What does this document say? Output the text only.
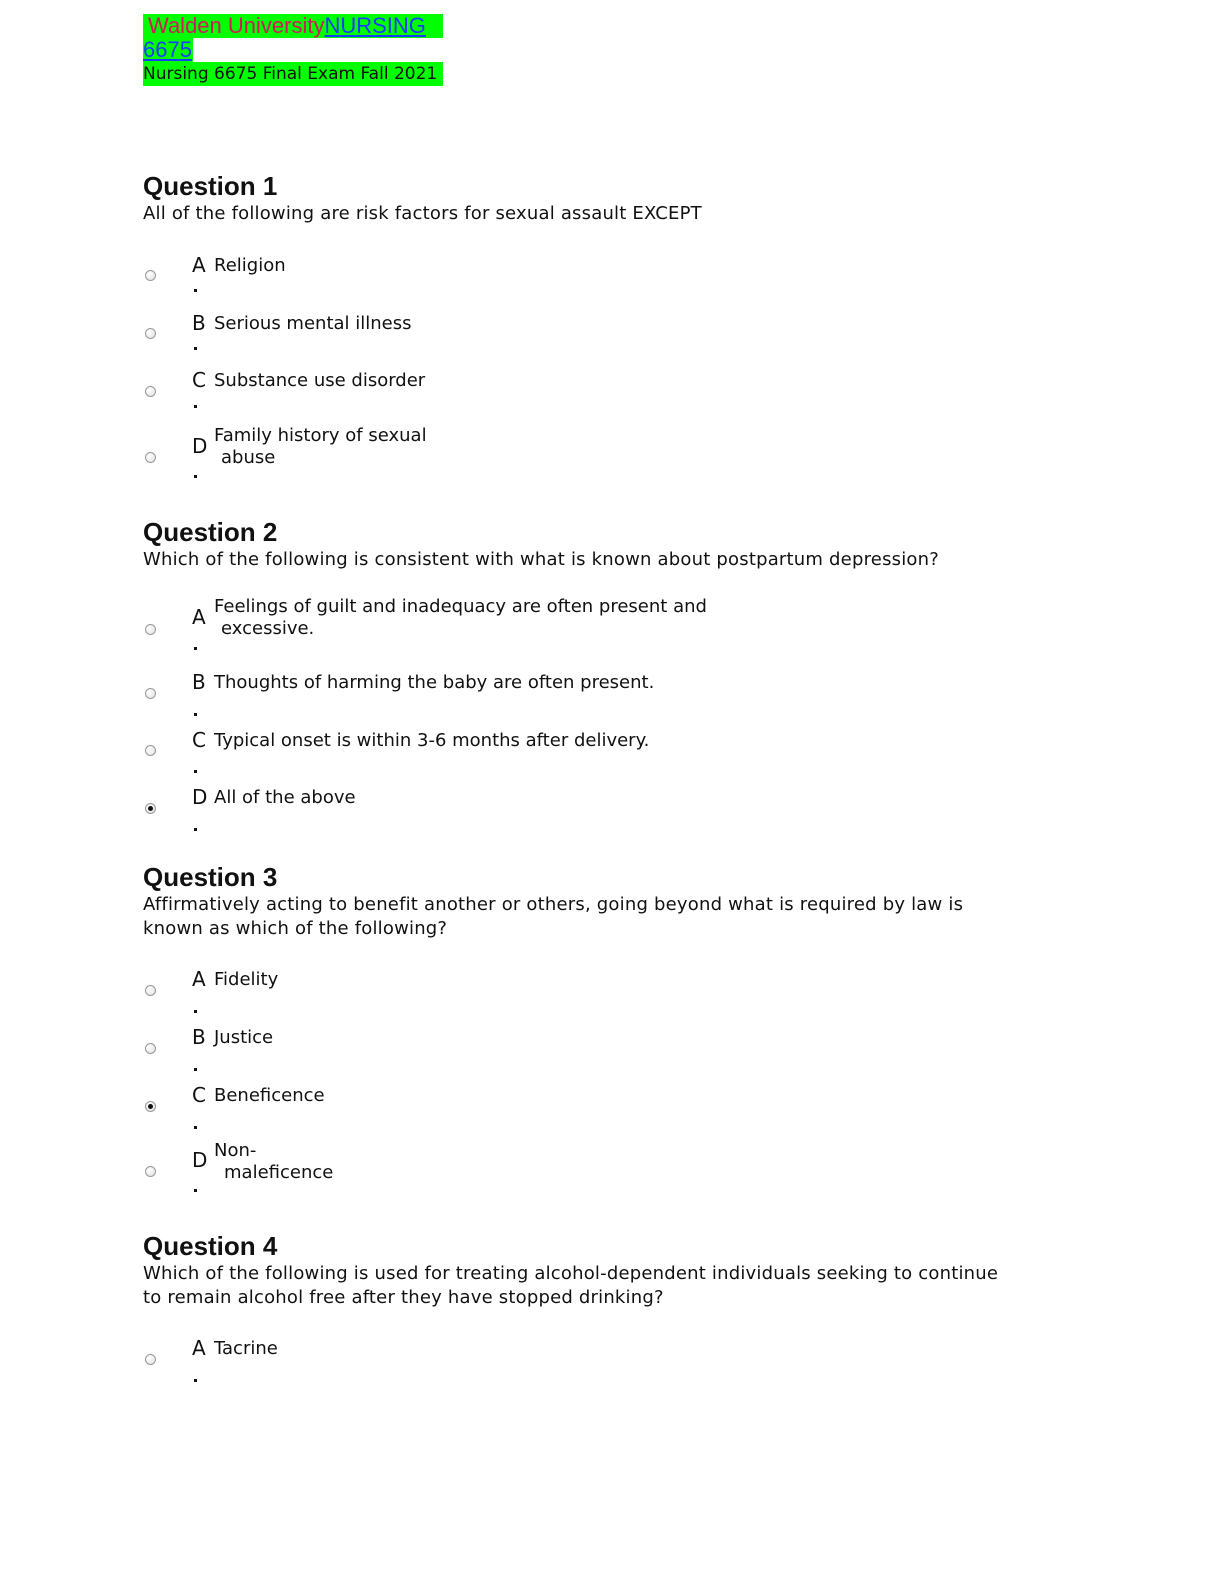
Walden UniversityNURSING
6675
Nursing 6675 Final Exam Fall 2021
Question 1

All of the following are risk factors for sexual assault EXCEPT

A Religion
B Serious mental illness
C Substance use disorder
D Family history of sexual
abuse
Question 2

Which of the following is consistent with what is known about postpartum depression?

A Feelings of guilt and inadequacy are often present and
excessive.
B Thoughts of harming the baby are often present.
C Typical onset is within 3-6 months after delivery.
D All of the above
Question 3

Affirmatively acting to benefit another or others, going beyond what is required by law is
known as which of the following?

A Fidelity
B Justice
C Beneficence
D Non-
maleficence
Question 4

Which of the following is used for treating alcohol-dependent individuals seeking to continue
to remain alcohol free after they have stopped drinking?

A Tacrine
